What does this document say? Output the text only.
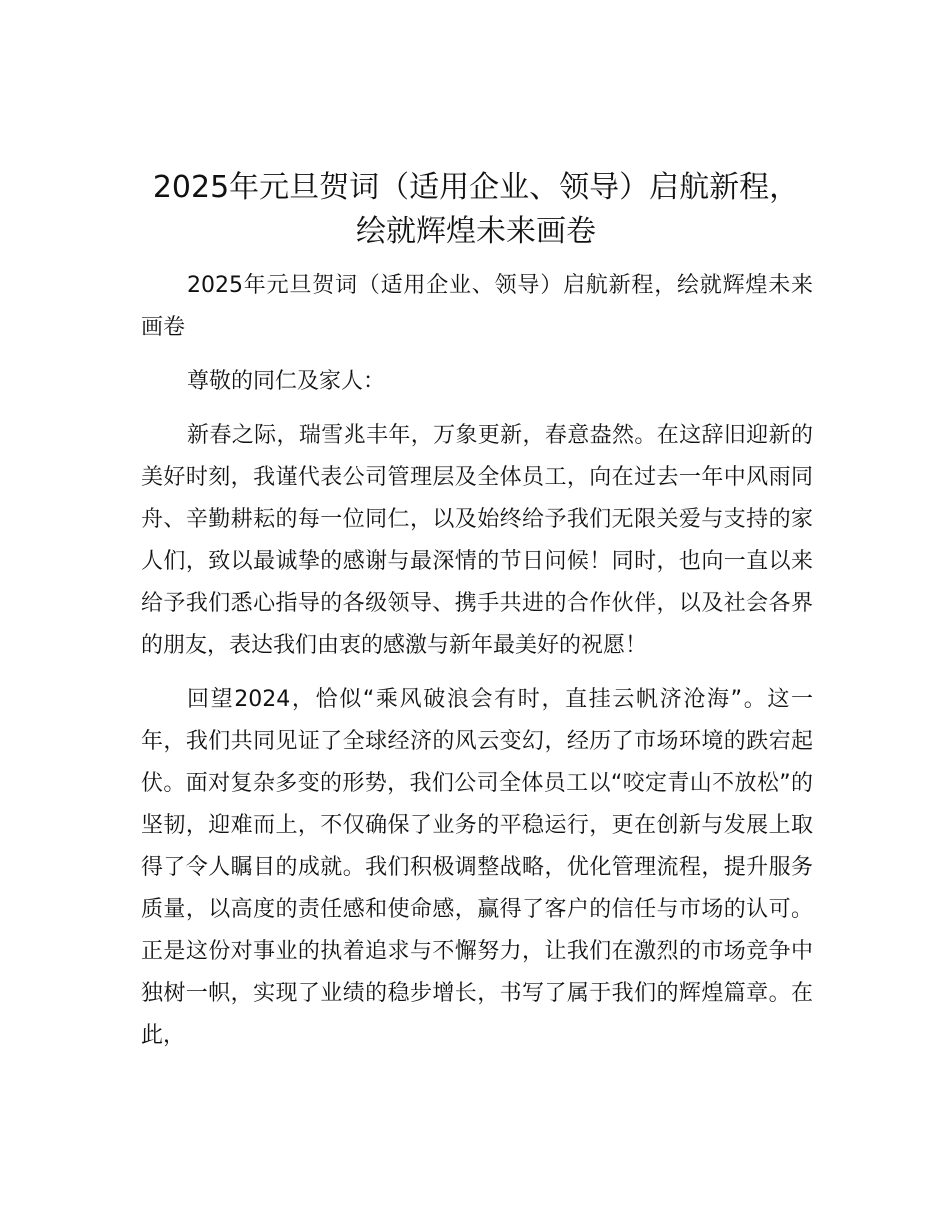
2025年元旦贺词（适用企业、领导）启航新程，绘就辉煌未来画卷

2025年元旦贺词（适用企业、领导）启航新程，绘就辉煌未来画卷

尊敬的同仁及家人：

新春之际，瑞雪兆丰年，万象更新，春意盎然。在这辞旧迎新的美好时刻，我谨代表公司管理层及全体员工，向在过去一年中风雨同舟、辛勤耕耘的每一位同仁，以及始终给予我们无限关爱与支持的家人们，致以最诚挚的感谢与最深情的节日问候！同时，也向一直以来给予我们悉心指导的各级领导、携手共进的合作伙伴，以及社会各界的朋友，表达我们由衷的感激与新年最美好的祝愿！

回望2024，恰似“乘风破浪会有时，直挂云帆济沧海”。这一年，我们共同见证了全球经济的风云变幻，经历了市场环境的跌宕起伏。面对复杂多变的形势，我们公司全体员工以“咬定青山不放松”的坚韧，迎难而上，不仅确保了业务的平稳运行，更在创新与发展上取得了令人瞩目的成就。我们积极调整战略，优化管理流程，提升服务质量，以高度的责任感和使命感，赢得了客户的信任与市场的认可。正是这份对事业的执着追求与不懈努力，让我们在激烈的市场竞争中独树一帜，实现了业绩的稳步增长，书写了属于我们的辉煌篇章。在此，
